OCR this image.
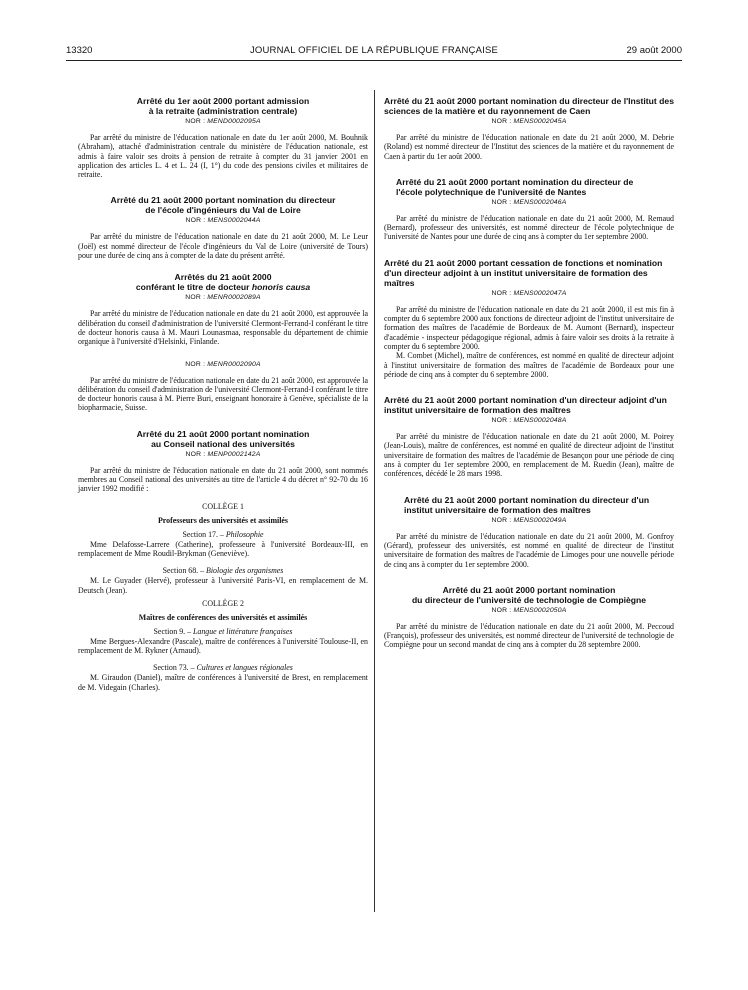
13320	JOURNAL OFFICIEL DE LA RÉPUBLIQUE FRANÇAISE	29 août 2000

Arrêté du 1er août 2000 portant admission

à la retraite (administration centrale)

NOR : MEND0002095A

Par arrêté du ministre de l'éducation nationale en date du 1er août 2000, M. Bouhnik (Abraham), attaché d'administration centrale du ministère de l'éducation nationale, est admis à faire valoir ses droits à pension de retraite à compter du 31 janvier 2001 en application des articles L. 4 et L. 24 (I, 1°) du code des pensions civiles et militaires de retraite.

Arrêté du 21 août 2000 portant nomination du directeur

de l'école d'ingénieurs du Val de Loire

NOR : MENS0002044A

Par arrêté du ministre de l'éducation nationale en date du 21 août 2000, M. Le Leur (Joël) est nommé directeur de l'école d'ingénieurs du Val de Loire (université de Tours) pour une durée de cinq ans à compter de la date du présent arrêté.

Arrêtés du 21 août 2000

conférant le titre de docteur honoris causa

NOR : MENR0002089A

Par arrêté du ministre de l'éducation nationale en date du 21 août 2000, est approuvée la délibération du conseil d'administration de l'université Clermont-Ferrand-I conférant le titre de docteur honoris causa à M. Mauri Lounasmaa, responsable du département de chimie organique à l'université d'Helsinki, Finlande.

NOR : MENR0002090A

Par arrêté du ministre de l'éducation nationale en date du 21 août 2000, est approuvée la délibération du conseil d'administration de l'université Clermont-Ferrand-I conférant le titre de docteur honoris causa à M. Pierre Buri, enseignant honoraire à Genève, spécialiste de la biopharmacie, Suisse.

Arrêté du 21 août 2000 portant nomination

au Conseil national des universités

NOR : MENP0002142A

Par arrêté du ministre de l'éducation nationale en date du 21 août 2000, sont nommés membres au Conseil national des universités au titre de l'article 4 du décret n° 92-70 du 16 janvier 1992 modifié :

COLLÈGE 1

Professeurs des universités et assimilés

Section 17. – Philosophie

Mme Delafosse-Larrere (Catherine), professeure à l'université Bordeaux-III, en remplacement de Mme Roudil-Brykman (Geneviève).

Section 68. – Biologie des organismes

M. Le Guyader (Hervé), professeur à l'université Paris-VI, en remplacement de M. Deutsch (Jean).

COLLÈGE 2

Maîtres de conférences des universités et assimilés

Section 9. – Langue et littérature françaises

Mme Bergues-Alexandre (Pascale), maître de conférences à l'université Toulouse-II, en remplacement de M. Rykner (Arnaud).

Section 73. – Cultures et langues régionales

M. Giraudon (Daniel), maître de conférences à l'université de Brest, en remplacement de M. Videgain (Charles).

Arrêté du 21 août 2000 portant nomination du directeur de l'Institut des sciences de la matière et du rayonnement de Caen

NOR : MENS0002045A

Par arrêté du ministre de l'éducation nationale en date du 21 août 2000, M. Debrie (Roland) est nommé directeur de l'Institut des sciences de la matière et du rayonnement de Caen à partir du 1er août 2000.

Arrêté du 21 août 2000 portant nomination du directeur de l'école polytechnique de l'université de Nantes

NOR : MENS0002046A

Par arrêté du ministre de l'éducation nationale en date du 21 août 2000, M. Remaud (Bernard), professeur des universités, est nommé directeur de l'école polytechnique de l'université de Nantes pour une durée de cinq ans à compter du 1er septembre 2000.

Arrêté du 21 août 2000 portant cessation de fonctions et nomination d'un directeur adjoint à un institut universitaire de formation des maîtres

NOR : MENS0002047A

Par arrêté du ministre de l'éducation nationale en date du 21 août 2000, il est mis fin à compter du 6 septembre 2000 aux fonctions de directeur adjoint de l'institut universitaire de formation des maîtres de l'académie de Bordeaux de M. Aumont (Bernard), inspecteur d'académie - inspecteur pédagogique régional, admis à faire valoir ses droits à la retraite à compter du 6 septembre 2000.

M. Combet (Michel), maître de conférences, est nommé en qualité de directeur adjoint à l'institut universitaire de formation des maîtres de l'académie de Bordeaux pour une période de cinq ans à compter du 6 septembre 2000.

Arrêté du 21 août 2000 portant nomination d'un directeur adjoint d'un institut universitaire de formation des maîtres

NOR : MENS0002048A

Par arrêté du ministre de l'éducation nationale en date du 21 août 2000, M. Poirey (Jean-Louis), maître de conférences, est nommé en qualité de directeur adjoint de l'institut universitaire de formation des maîtres de l'académie de Besançon pour une période de cinq ans à compter du 1er septembre 2000, en remplacement de M. Ruedin (Jean), maître de conférences, décédé le 28 mars 1998.

Arrêté du 21 août 2000 portant nomination du directeur d'un institut universitaire de formation des maîtres

NOR : MENS0002049A

Par arrêté du ministre de l'éducation nationale en date du 21 août 2000, M. Gonfroy (Gérard), professeur des universités, est nommé en qualité de directeur de l'institut universitaire de formation des maîtres de l'académie de Limoges pour une nouvelle période de cinq ans à compter du 1er septembre 2000.

Arrêté du 21 août 2000 portant nomination

du directeur de l'université de technologie de Compiègne

NOR : MENS0002050A

Par arrêté du ministre de l'éducation nationale en date du 21 août 2000, M. Peccoud (François), professeur des universités, est nommé directeur de l'université de technologie de Compiègne pour un second mandat de cinq ans à compter du 28 septembre 2000.
